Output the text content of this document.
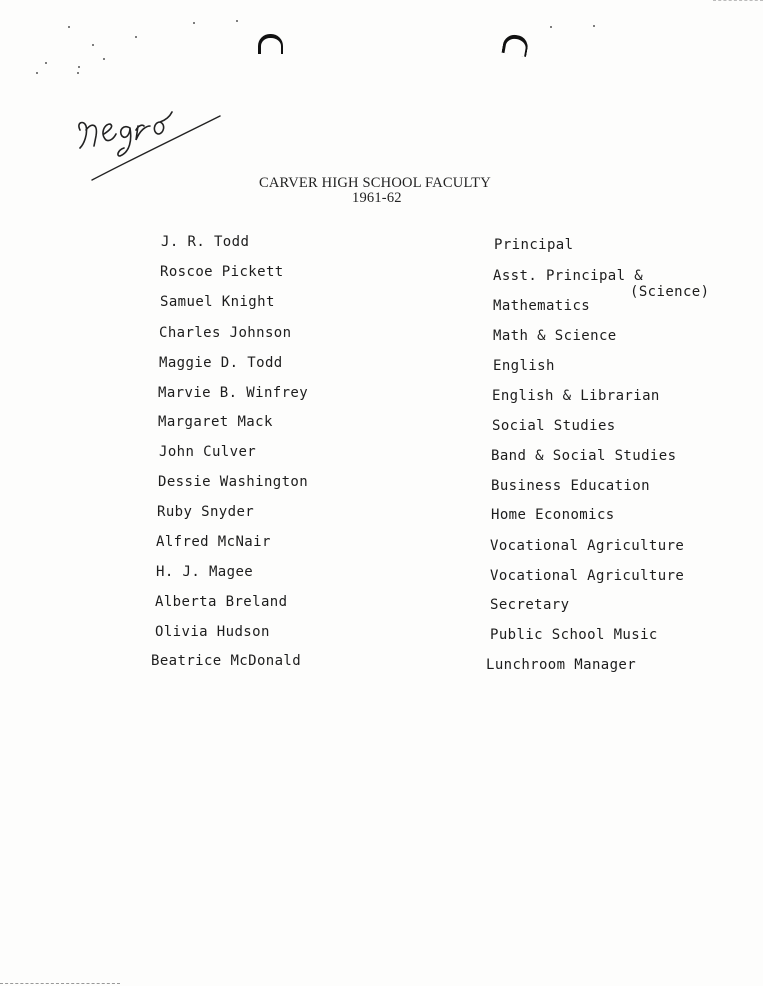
CARVER HIGH SCHOOL FACULTY
1961-62
J. R. Todd
Roscoe Pickett
Samuel Knight
Charles Johnson
Maggie D. Todd
Marvie B. Winfrey
Margaret Mack
John Culver
Dessie Washington
Ruby Snyder
Alfred McNair
H. J. Magee
Alberta Breland
Olivia Hudson
Beatrice McDonald
Principal
Asst. Principal &
(Science)
Mathematics
Math & Science
English
English & Librarian
Social Studies
Band & Social Studies
Business Education
Home Economics
Vocational Agriculture
Vocational Agriculture
Secretary
Public School Music
Lunchroom Manager
